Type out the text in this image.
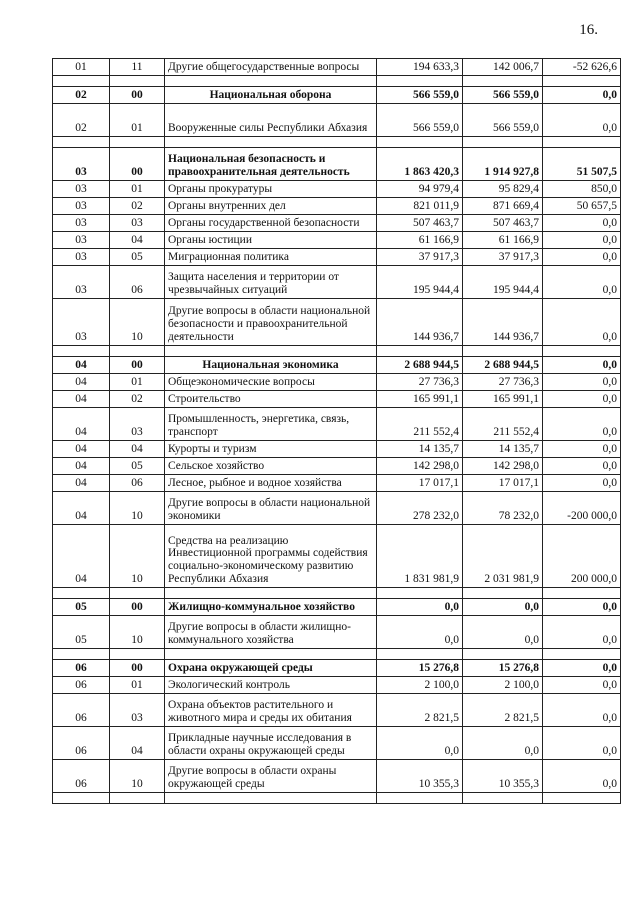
16.
01	11	Другие общегосударственные вопросы	194 633,3	142 006,7	-52 626,6

02	00	Национальная оборона	566 559,0	566 559,0	0,0
02	01	Вооруженные силы Республики Абхазия	566 559,0	566 559,0	0,0

03	00	Национальная безопасность и правоохранительная деятельность	1 863 420,3	1 914 927,8	51 507,5
03	01	Органы прокуратуры	94 979,4	95 829,4	850,0
03	02	Органы внутренних дел	821 011,9	871 669,4	50 657,5
03	03	Органы государственной безопасности	507 463,7	507 463,7	0,0
03	04	Органы юстиции	61 166,9	61 166,9	0,0
03	05	Миграционная политика	37 917,3	37 917,3	0,0
03	06	Защита населения и территории от чрезвычайных ситуаций	195 944,4	195 944,4	0,0
03	10	Другие вопросы в области национальной безопасности и правоохранительной деятельности	144 936,7	144 936,7	0,0

04	00	Национальная экономика	2 688 944,5	2 688 944,5	0,0
04	01	Общеэкономические вопросы	27 736,3	27 736,3	0,0
04	02	Строительство	165 991,1	165 991,1	0,0
04	03	Промышленность, энергетика, связь, транспорт	211 552,4	211 552,4	0,0
04	04	Курорты и туризм	14 135,7	14 135,7	0,0
04	05	Сельское хозяйство	142 298,0	142 298,0	0,0
04	06	Лесное, рыбное и водное хозяйства	17 017,1	17 017,1	0,0
04	10	Другие вопросы в области национальной экономики	278 232,0	78 232,0	-200 000,0
04	10	Средства на реализацию Инвестиционной программы содействия социально-экономическому развитию Республики Абхазия	1 831 981,9	2 031 981,9	200 000,0

05	00	Жилищно-коммунальное хозяйство	0,0	0,0	0,0
05	10	Другие вопросы в области жилищно-коммунального хозяйства	0,0	0,0	0,0

06	00	Охрана окружающей среды	15 276,8	15 276,8	0,0
06	01	Экологический контроль	2 100,0	2 100,0	0,0
06	03	Охрана объектов растительного и животного мира и среды их обитания	2 821,5	2 821,5	0,0
06	04	Прикладные научные исследования в области охраны окружающей среды	0,0	0,0	0,0
06	10	Другие вопросы в области охраны окружающей среды	10 355,3	10 355,3	0,0
